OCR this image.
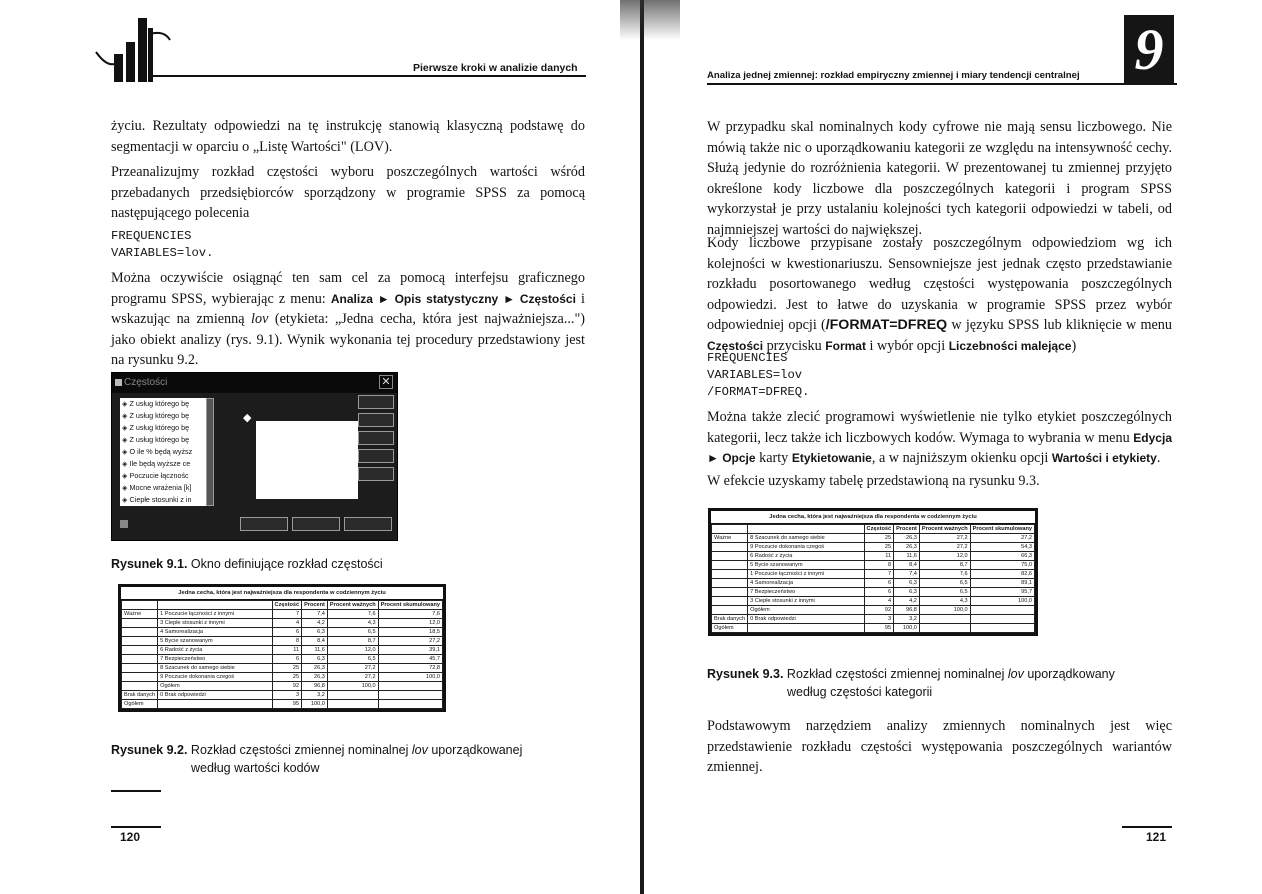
Pierwsze kroki w analizie danych
życiu. Rezultaty odpowiedzi na tę instrukcję stanowią klasyczną podstawę do segmentacji w oparciu o „Listę Wartości" (LOV).
Przeanalizujmy rozkład częstości wyboru poszczególnych wartości wśród przebadanych przedsiębiorców sporządzony w programie SPSS za pomocą następującego polecenia
FREQUENCIES
VARIABLES=lov.
Można oczywiście osiągnąć ten sam cel za pomocą interfejsu graficznego programu SPSS, wybierając z menu: Analiza ► Opis statystyczny ► Częstości i wskazując na zmienną lov (etykieta: „Jedna cecha, która jest najważniejsza...") jako obiekt analizy (rys. 9.1). Wynik wykonania tej procedury przedstawiony jest na rysunku 9.2.
Częstości	✕
◈ Z usług którego bę
◈ Z usług którego bę
◈ Z usług którego bę
◈ Z usług którego bę
◈ O ile % będą wyższ
◈ Ile będą wyższe ce
◈ Poczucie łącznośc
◈ Mocne wrażenia [k]
◈ Ciepłe stosunki z in
◆
Rysunek 9.1. Okno definiujące rozkład częstości
Jedna cecha, która jest najważniejsza dla respondenta w codziennym życiu
		Częstość	Procent	Procent ważnych	Procent skumulowany
Ważne	1 Poczucie łączności z innymi	7	7,4	7,6	7,6
	3 Ciepłe stosunki z innymi	4	4,2	4,3	12,0
	4 Samorealizacja	6	6,3	6,5	18,5
	5 Bycie szanowanym	8	8,4	8,7	27,2
	6 Radość z życia	11	11,6	12,0	39,1
	7 Bezpieczeństwo	6	6,3	6,5	45,7
	8 Szacunek do samego siebie	25	26,3	27,2	72,8
	9 Poczucie dokonania czegoś	25	26,3	27,2	100,0
	Ogółem	92	96,8	100,0	
Brak danych	0 Brak odpowiedzi	3	3,2		
Ogółem		95	100,0		
Rysunek 9.2. Rozkład częstości zmiennej nominalnej lov uporządkowanej
według wartości kodów
120
Analiza jednej zmiennej: rozkład empiryczny zmiennej i miary tendencji centralnej 9
W przypadku skal nominalnych kody cyfrowe nie mają sensu liczbowego. Nie mówią także nic o uporządkowaniu kategorii ze względu na intensywność cechy. Służą jedynie do rozróżnienia kategorii. W prezentowanej tu zmiennej przyjęto określone kody liczbowe dla poszczególnych kategorii i program SPSS wykorzystał je przy ustalaniu kolejności tych kategorii odpowiedzi w tabeli, od najmniejszej wartości do największej.
Kody liczbowe przypisane zostały poszczególnym odpowiedziom wg ich kolejności w kwestionariuszu. Sensowniejsze jest jednak często przedstawianie rozkładu posortowanego według częstości występowania poszczególnych odpowiedzi. Jest to łatwe do uzyskania w programie SPSS przez wybór odpowiedniej opcji (/FORMAT=DFREQ w języku SPSS lub kliknięcie w menu Częstości przycisku Format i wybór opcji Liczebności malejące)
FREQUENCIES
VARIABLES=lov
/FORMAT=DFREQ.
Można także zlecić programowi wyświetlenie nie tylko etykiet poszczególnych kategorii, lecz także ich liczbowych kodów. Wymaga to wybrania w menu Edycja ► Opcje karty Etykietowanie, a w najniższym okienku opcji Wartości i etykiety.
W efekcie uzyskamy tabelę przedstawioną na rysunku 9.3.
Jedna cecha, która jest najważniejsza dla respondenta w codziennym życiu
		Częstość	Procent	Procent ważnych	Procent skumulowany
Ważne	8 Szacunek do samego siebie	25	26,3	27,2	27,2
	9 Poczucie dokonania czegoś	25	26,3	27,2	54,3
	6 Radość z życia	11	11,6	12,0	66,3
	5 Bycie szanowanym	8	8,4	8,7	75,0
	1 Poczucie łączności z innymi	7	7,4	7,6	82,6
	4 Samorealizacja	6	6,3	6,5	89,1
	7 Bezpieczeństwo	6	6,3	6,5	95,7
	3 Ciepłe stosunki z innymi	4	4,2	4,3	100,0
	Ogółem	92	96,8	100,0	
Brak danych	0 Brak odpowiedzi	3	3,2		
Ogółem		95	100,0		
Rysunek 9.3. Rozkład częstości zmiennej nominalnej lov uporządkowany
według częstości kategorii
Podstawowym narzędziem analizy zmiennych nominalnych jest więc przedstawienie rozkładu częstości występowania poszczególnych wariantów zmiennej.
121
